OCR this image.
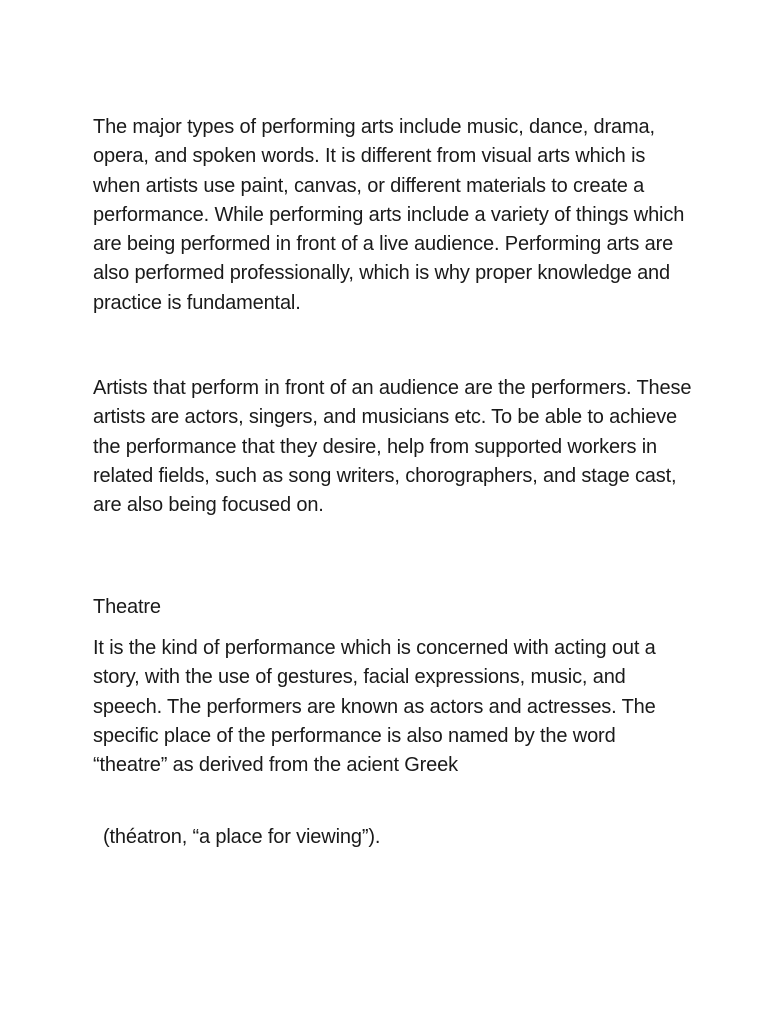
The major types of performing arts include music, dance, drama, opera, and spoken words. It is different from visual arts which is when artists use paint, canvas, or different materials to create a performance. While performing arts include a variety of things which are being performed in front of a live audience. Performing arts are also performed professionally, which is why proper knowledge and practice is fundamental.

Artists that perform in front of an audience are the performers. These artists are actors, singers, and musicians etc. To be able to achieve the performance that they desire, help from supported workers in related fields, such as song writers, chorographers, and stage cast, are also being focused on.

Theatre

It is the kind of performance which is concerned with acting out a story, with the use of gestures, facial expressions, music, and speech. The performers are known as actors and actresses. The specific place of the performance is also named by the word “theatre” as derived from the acient Greek

(théatron, “a place for viewing”).
